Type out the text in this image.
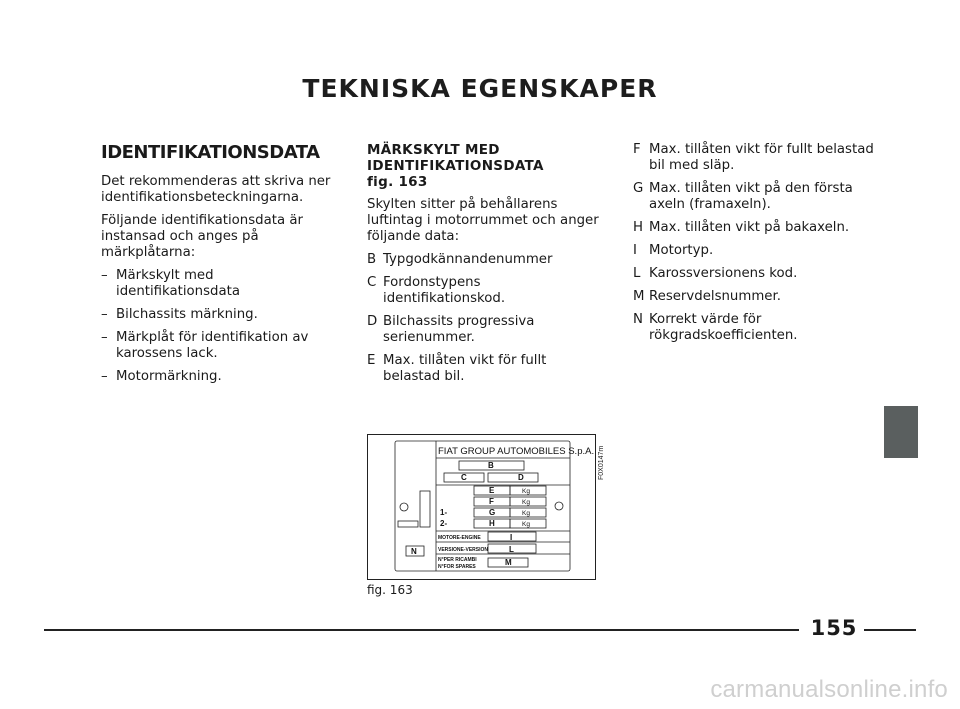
TEKNISKA EGENSKAPER
IDENTIFIKATIONSDATA

Det rekommenderas att skriva ner identifikationsbeteckningarna.

Följande identifikationsdata är instansad och anges på märkplåtarna:

– Märkskylt med identifikationsdata
– Bilchassits märkning.
– Märkplåt för identifikation av karossens lack.
– Motormärkning.
MÄRKSKYLT MED
IDENTIFIKATIONSDATA
fig. 163

Skylten sitter på behållarens luftintag i motorrummet och anger följande data:

B Typgodkännandenummer
C Fordonstypens identifikationskod.
D Bilchassits progressiva serienummer.
E Max. tillåten vikt för fullt belastad bil.
F Max. tillåten vikt för fullt belastad bil med släp.
G Max. tillåten vikt på den första axeln (framaxeln).
H Max. tillåten vikt på bakaxeln.
I Motortyp.
L Karossversionens kod.
M Reservdelsnummer.
N Korrekt värde för rökgradskoefficienten.
FIAT GROUP AUTOMOBILES S.p.A.
B
C	D
E
F
G
H
Kg
Kg
Kg
Kg
1-
2-
MOTORE-ENGINE
VERSIONE-VERSION
N°PER RICAMBI
N°FOR SPARES
I
L
M
N
F0X0147m
fig. 163
155
carmanualsonline.info
